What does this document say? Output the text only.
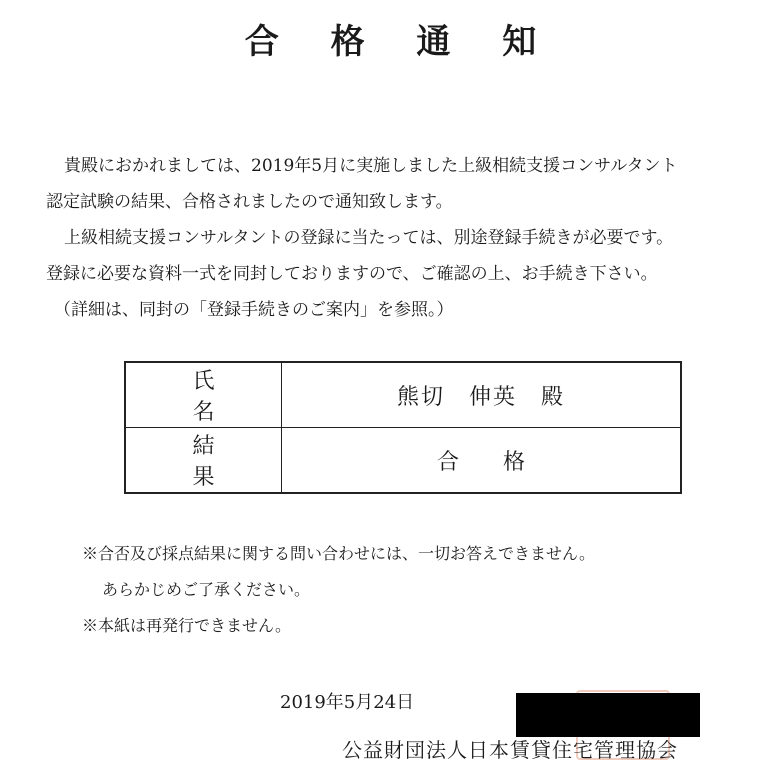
合 格 通 知

貴殿におかれましては、2019年5月に実施しました上級相続支援コンサルタント

認定試験の結果、合格されましたので通知致します。

上級相続支援コンサルタントの登録に当たっては、別途登録手続きが必要です。

登録に必要な資料一式を同封しておりますので、ご確認の上、お手続き下さい。

（詳細は、同封の「登録手続きのご案内」を参照。）

氏名	熊切　伸英　殿
結果	合　　格

※合否及び採点結果に関する問い合わせには、一切お答えできません。

あらかじめご了承ください。

※本紙は再発行できません。

2019年5月24日
公益財団法人日本賃貸住宅管理協会
